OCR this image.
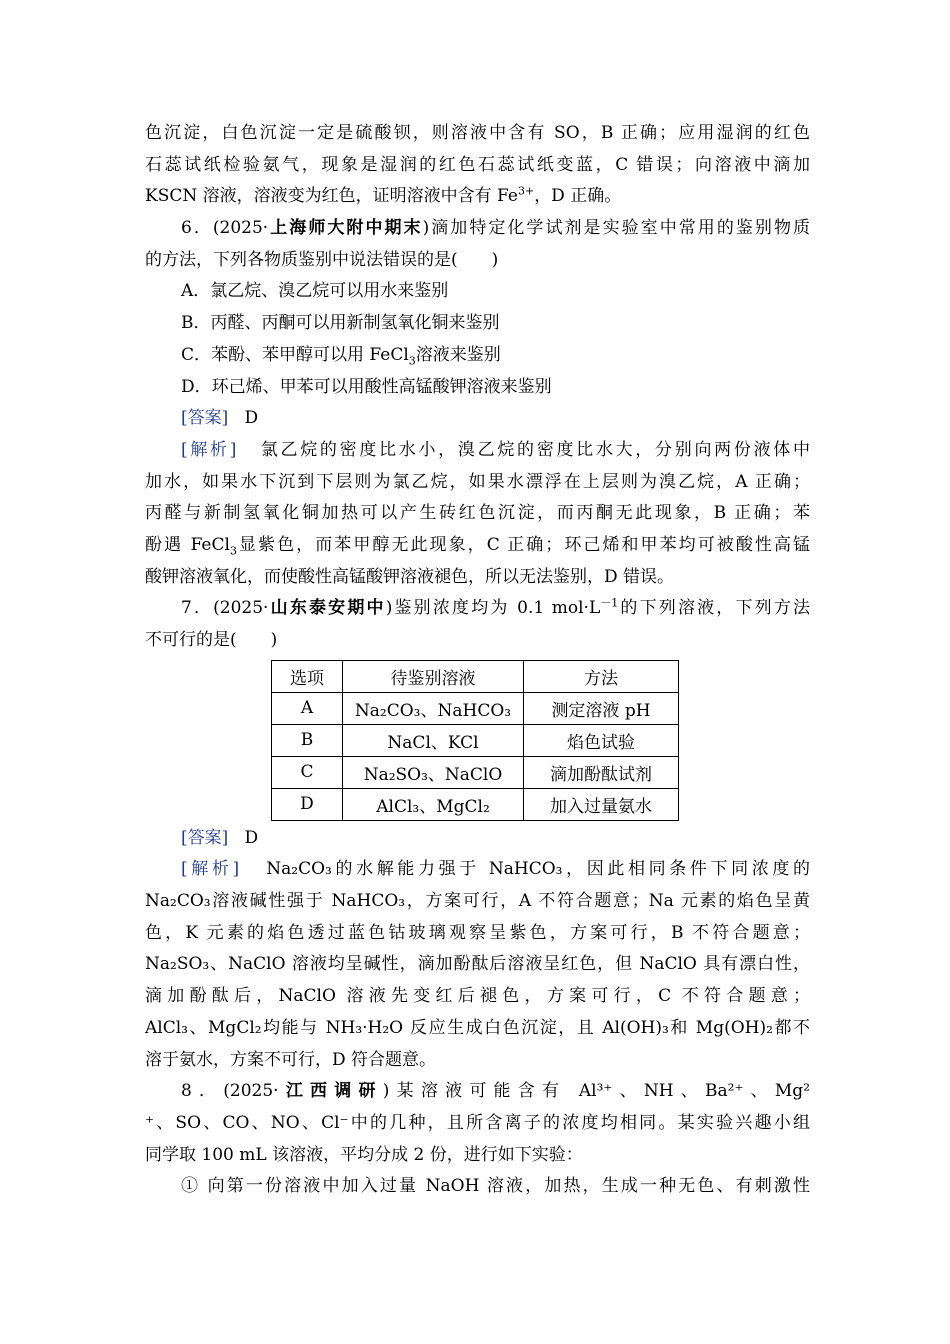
色沉淀，白色沉淀一定是硫酸钡，则溶液中含有 SO，B 正确；应用湿润的红色
石蕊试纸检验氨气，现象是湿润的红色石蕊试纸变蓝，C 错误；向溶液中滴加
KSCN 溶液，溶液变为红色，证明溶液中含有 $Fe^{3+}$，D 正确。
6．(2025·上海师大附中期末)滴加特定化学试剂是实验室中常用的鉴别物质
的方法，下列各物质鉴别中说法错误的是(　　)
A．氯乙烷、溴乙烷可以用水来鉴别
B．丙醛、丙酮可以用新制氢氧化铜来鉴别
C．苯酚、苯甲醇可以用 FeCl$_3$溶液来鉴别
D．环己烯、甲苯可以用酸性高锰酸钾溶液来鉴别
[答案] D
[解析] 氯乙烷的密度比水小，溴乙烷的密度比水大，分别向两份液体中
加水，如果水下沉到下层则为氯乙烷，如果水漂浮在上层则为溴乙烷，A 正确；
丙醛与新制氢氧化铜加热可以产生砖红色沉淀，而丙酮无此现象，B 正确；苯
酚遇 FeCl$_3$显紫色，而苯甲醇无此现象，C 正确；环己烯和甲苯均可被酸性高锰
酸钾溶液氧化，而使酸性高锰酸钾溶液褪色，所以无法鉴别，D 错误。
7．(2025·山东泰安期中)鉴别浓度均为 0.1 $mol\cdot L^{-1}$的下列溶液，下列方法
不可行的是(　　)
选项	待鉴别溶液	方法
A	Na₂CO₃、NaHCO₃	测定溶液 pH
B	NaCl、KCl	焰色试验
C	Na₂SO₃、NaClO	滴加酚酞试剂
D	AlCl₃、MgCl₂	加入过量氨水
[答案] D
[解析] Na₂CO₃的水解能力强于 NaHCO₃，因此相同条件下同浓度的
Na₂CO₃溶液碱性强于 NaHCO₃，方案可行，A 不符合题意；Na 元素的焰色呈黄
色，K 元素的焰色透过蓝色钴玻璃观察呈紫色，方案可行，B 不符合题意；
Na₂SO₃、NaClO 溶液均呈碱性，滴加酚酞后溶液呈红色，但 NaClO 具有漂白性，
滴加酚酞后，NaClO 溶液先变红后褪色，方案可行，C 不符合题意；
AlCl₃、MgCl₂均能与 NH₃·H₂O 反应生成白色沉淀，且 Al(OH)₃和 Mg(OH)₂都不
溶于氨水，方案不可行，D 符合题意。
8．(2025·江西调研)某溶液可能含有 Al³⁺、NH、Ba²⁺、Mg²
⁺、SO、CO、NO、Cl⁻中的几种，且所含离子的浓度均相同。某实验兴趣小组
同学取 100 mL 该溶液，平均分成 2 份，进行如下实验：
① 向第一份溶液中加入过量 NaOH 溶液，加热，生成一种无色、有刺激性
